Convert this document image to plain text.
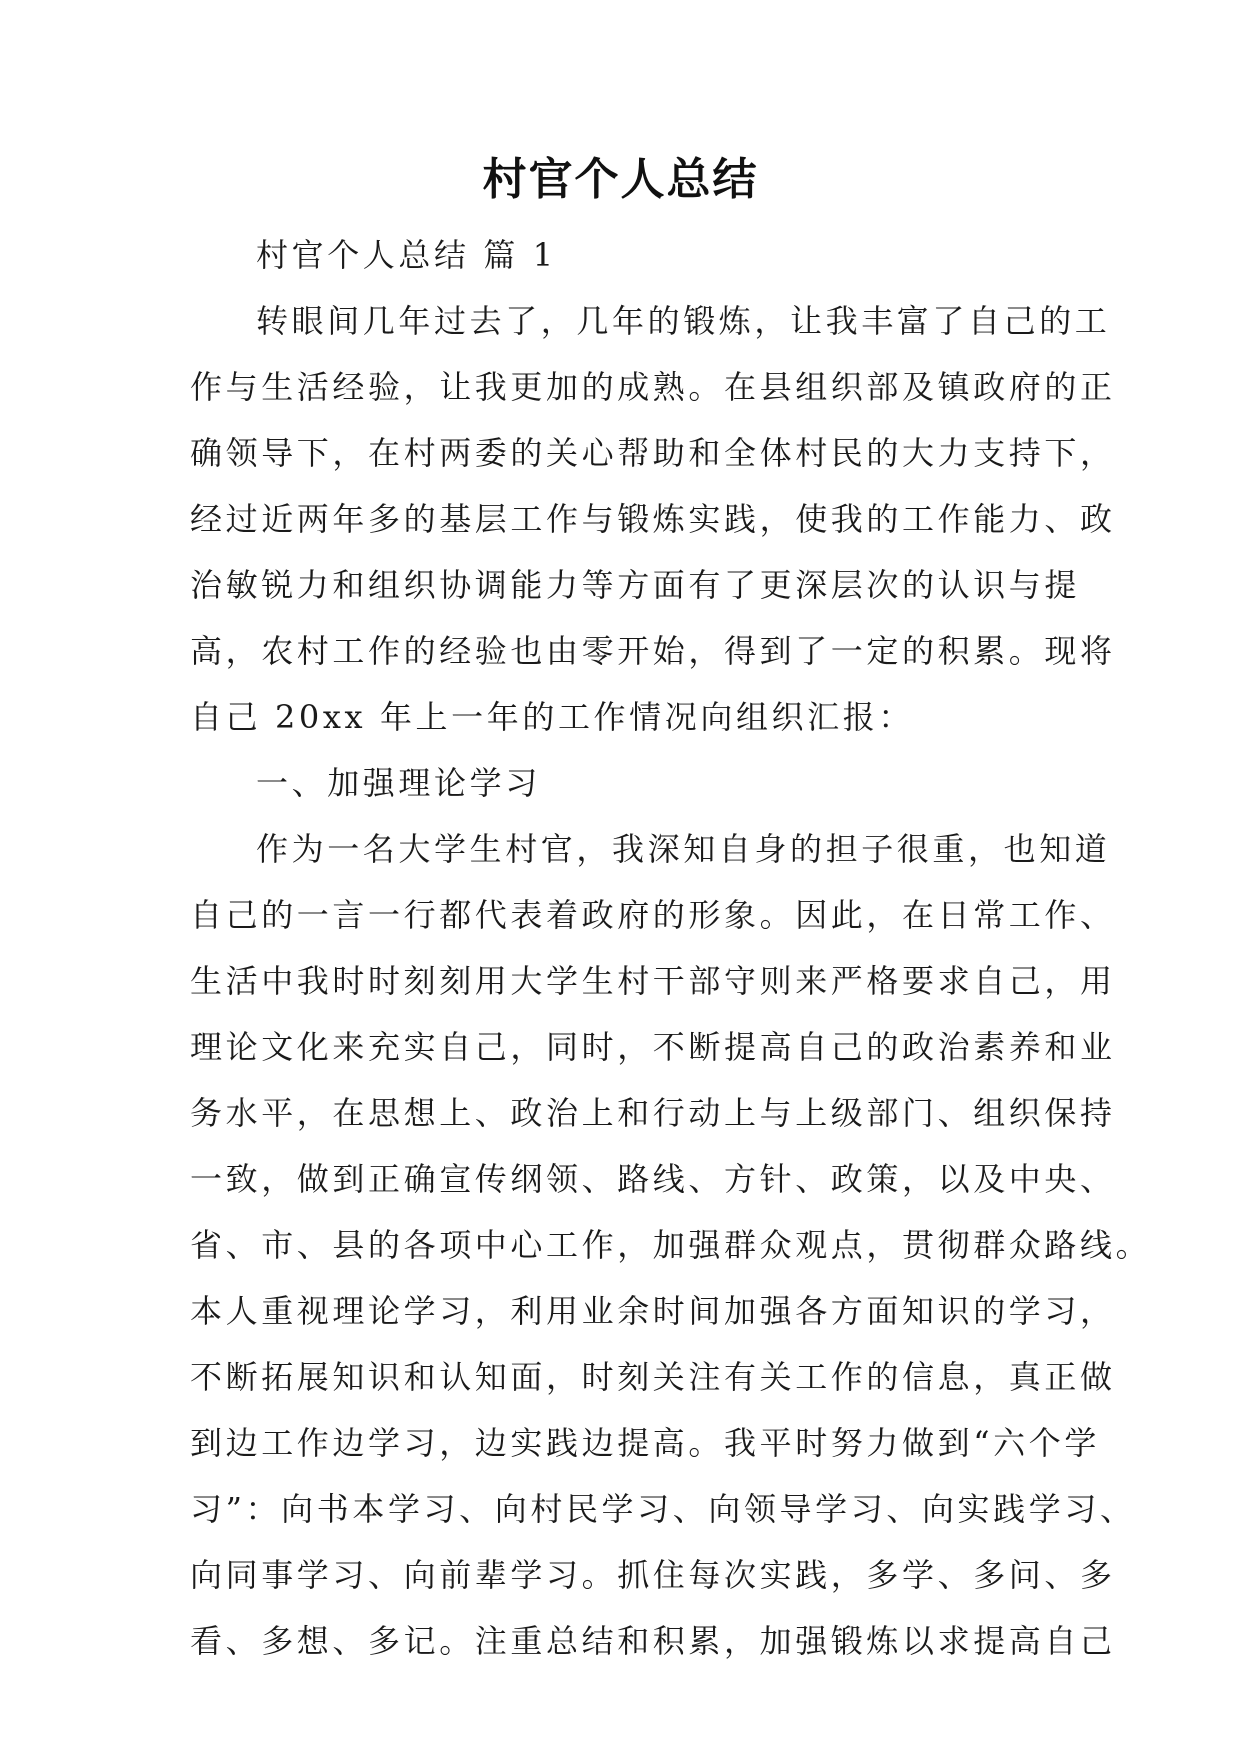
村官个人总结
村官个人总结 篇 1
转眼间几年过去了，几年的锻炼，让我丰富了自己的工
作与生活经验，让我更加的成熟。在县组织部及镇政府的正
确领导下，在村两委的关心帮助和全体村民的大力支持下，
经过近两年多的基层工作与锻炼实践，使我的工作能力、政
治敏锐力和组织协调能力等方面有了更深层次的认识与提
高，农村工作的经验也由零开始，得到了一定的积累。现将
自己 20xx 年上一年的工作情况向组织汇报：
一、加强理论学习
作为一名大学生村官，我深知自身的担子很重，也知道
自己的一言一行都代表着政府的形象。因此，在日常工作、
生活中我时时刻刻用大学生村干部守则来严格要求自己，用
理论文化来充实自己，同时，不断提高自己的政治素养和业
务水平，在思想上、政治上和行动上与上级部门、组织保持
一致，做到正确宣传纲领、路线、方针、政策，以及中央、
省、市、县的各项中心工作，加强群众观点，贯彻群众路线。
本人重视理论学习，利用业余时间加强各方面知识的学习，
不断拓展知识和认知面，时刻关注有关工作的信息，真正做
到边工作边学习，边实践边提高。我平时努力做到“六个学
习”：向书本学习、向村民学习、向领导学习、向实践学习、
向同事学习、向前辈学习。抓住每次实践，多学、多问、多
看、多想、多记。注重总结和积累，加强锻炼以求提高自己
